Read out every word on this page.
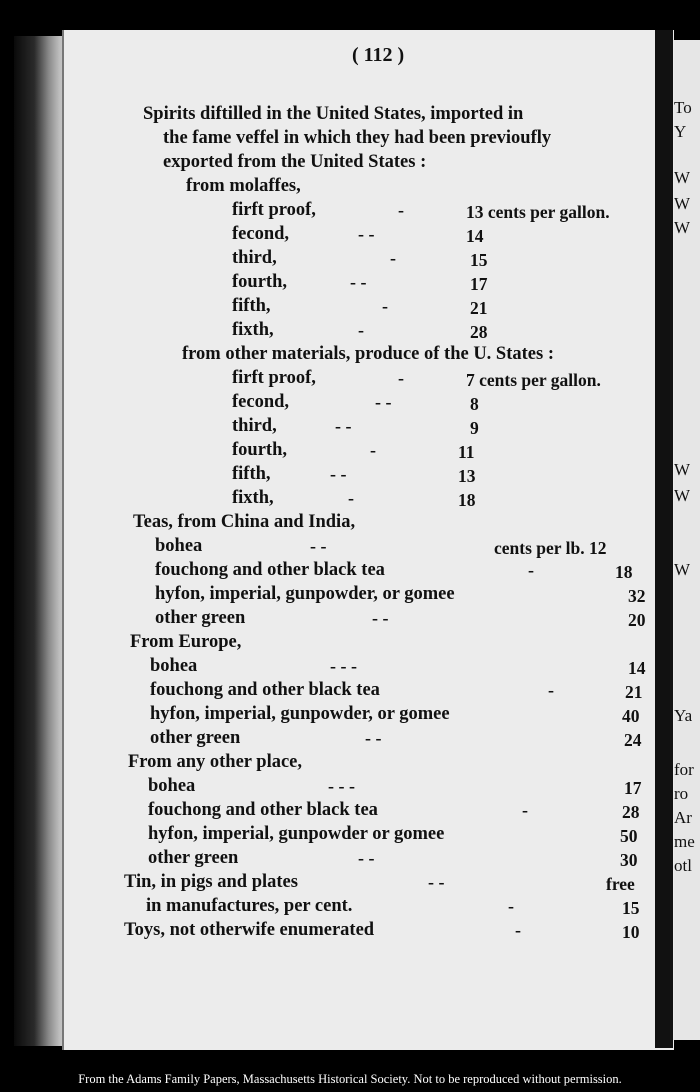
To
Y
W
W
W
W
W
W
Ya
for
ro
Ar
me
otl
( 112 )
Spirits diftilled in the United States, imported in
the fame veffel in which they had been previoufly
exported from the United States :
from molaffes,
firft proof,	-	13 cents per gallon.
fecond,	- -	14
third,	-	15
fourth,	- -	17
fifth,	-	21
fixth,	-	28
from other materials, produce of the U. States :
firft proof,	-	7 cents per gallon.
fecond,	- -	8
third,	- -	9
fourth,	-	11
fifth,	- -	13
fixth,	-	18
Teas, from China and India,
bohea	- -	cents per lb. 12
fouchong and other black tea	-	18
hyfon, imperial, gunpowder, or gomee	32
other green	- -	20
From Europe,
bohea	- - -	14
fouchong and other black tea	-	21
hyfon, imperial, gunpowder, or gomee	40
other green	- -	24
From any other place,
bohea	- - -	17
fouchong and other black tea	-	28
hyfon, imperial, gunpowder or gomee	50
other green	- -	30
Tin, in pigs and plates	- -	free
in manufactures, per cent.	-	15
Toys, not otherwife enumerated	-	10
From the Adams Family Papers, Massachusetts Historical Society. Not to be reproduced without permission.
